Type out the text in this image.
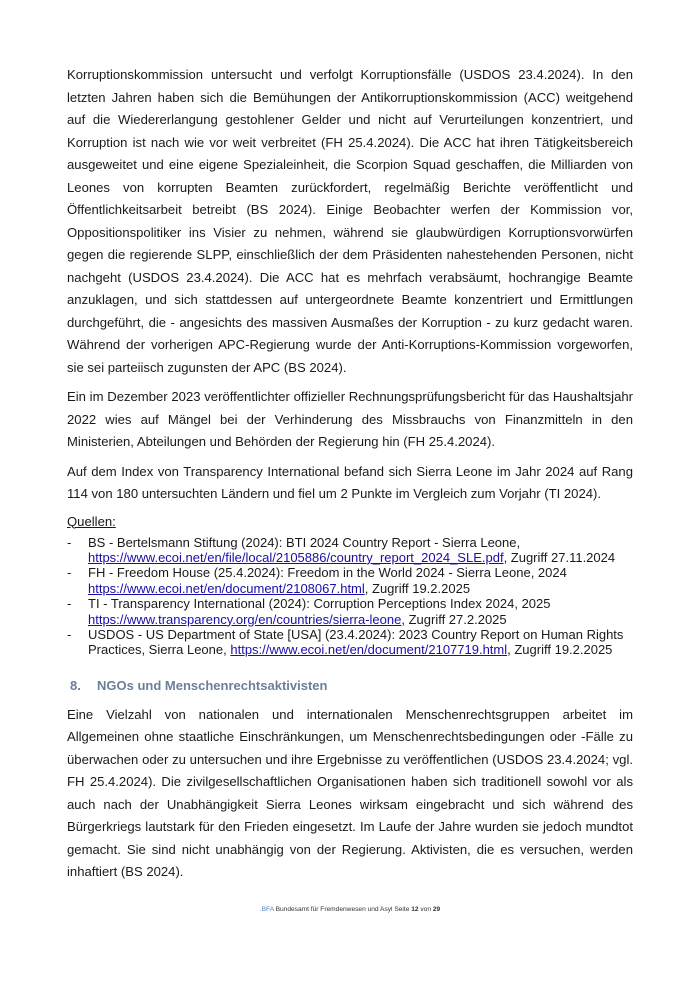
Korruptionskommission untersucht und verfolgt Korruptionsfälle (USDOS 23.4.2024). In den letzten Jahren haben sich die Bemühungen der Antikorruptionskommission (ACC) weitgehend auf die Wiedererlangung gestohlener Gelder und nicht auf Verurteilungen konzentriert, und Korruption ist nach wie vor weit verbreitet (FH 25.4.2024). Die ACC hat ihren Tätigkeitsbereich ausgeweitet und eine eigene Spezialeinheit, die Scorpion Squad geschaffen, die Milliarden von Leones von korrupten Beamten zurückfordert, regelmäßig Berichte veröffentlicht und Öffentlichkeitsarbeit betreibt (BS 2024). Einige Beobachter werfen der Kommission vor, Oppositionspolitiker ins Visier zu nehmen, während sie glaubwürdigen Korruptionsvorwürfen gegen die regierende SLPP, einschließlich der dem Präsidenten nahestehenden Personen, nicht nachgeht (USDOS 23.4.2024). Die ACC hat es mehrfach verabsäumt, hochrangige Beamte anzuklagen, und sich stattdessen auf untergeordnete Beamte konzentriert und Ermittlungen durchgeführt, die - angesichts des massiven Ausmaßes der Korruption - zu kurz gedacht waren. Während der vorherigen APC-Regierung wurde der Anti-Korruptions-Kommission vorgeworfen, sie sei parteiisch zugunsten der APC (BS 2024).

Ein im Dezember 2023 veröffentlichter offizieller Rechnungsprüfungsbericht für das Haushaltsjahr 2022 wies auf Mängel bei der Verhinderung des Missbrauchs von Finanzmitteln in den Ministerien, Abteilungen und Behörden der Regierung hin (FH 25.4.2024).

Auf dem Index von Transparency International befand sich Sierra Leone im Jahr 2024 auf Rang 114 von 180 untersuchten Ländern und fiel um 2 Punkte im Vergleich zum Vorjahr (TI 2024).

Quellen:
- BS - Bertelsmann Stiftung (2024): BTI 2024 Country Report - Sierra Leone, https://www.ecoi.net/en/file/local/2105886/country_report_2024_SLE.pdf, Zugriff 27.11.2024
- FH - Freedom House (25.4.2024): Freedom in the World 2024 - Sierra Leone, 2024 https://www.ecoi.net/en/document/2108067.html, Zugriff 19.2.2025
- TI - Transparency International (2024): Corruption Perceptions Index 2024, 2025 https://www.transparency.org/en/countries/sierra-leone, Zugriff 27.2.2025
- USDOS - US Department of State [USA] (23.4.2024): 2023 Country Report on Human Rights Practices, Sierra Leone, https://www.ecoi.net/en/document/2107719.html, Zugriff 19.2.2025
8. NGOs und Menschenrechtsaktivisten

Eine Vielzahl von nationalen und internationalen Menschenrechtsgruppen arbeitet im Allgemeinen ohne staatliche Einschränkungen, um Menschenrechtsbedingungen oder -Fälle zu überwachen oder zu untersuchen und ihre Ergebnisse zu veröffentlichen (USDOS 23.4.2024; vgl. FH 25.4.2024). Die zivilgesellschaftlichen Organisationen haben sich traditionell sowohl vor als auch nach der Unabhängigkeit Sierra Leones wirksam eingebracht und sich während des Bürgerkriegs lautstark für den Frieden eingesetzt. Im Laufe der Jahre wurden sie jedoch mundtot gemacht. Sie sind nicht unabhängig von der Regierung. Aktivisten, die es versuchen, werden inhaftiert (BS 2024).

.BFA Bundesamt für Fremdenwesen und Asyl Seite 12 von 29
